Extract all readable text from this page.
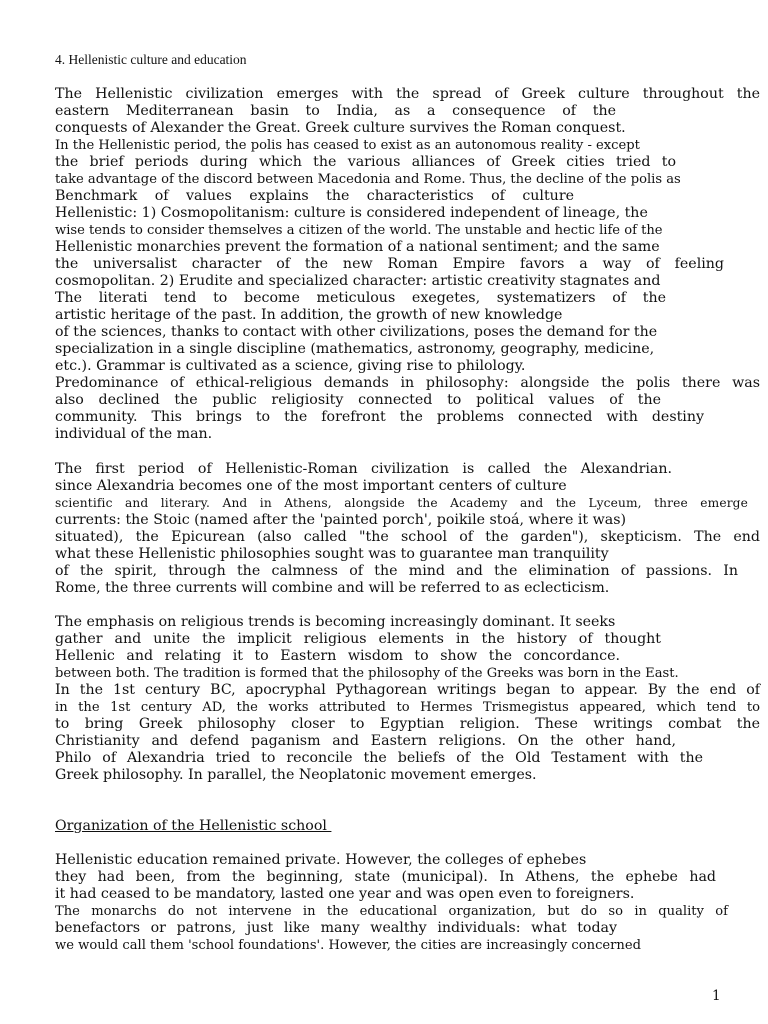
4. Hellenistic culture and education
The Hellenistic civilization emerges with the spread of Greek culture throughout the
eastern Mediterranean basin to India, as a consequence of the
conquests of Alexander the Great. Greek culture survives the Roman conquest.
In the Hellenistic period, the polis has ceased to exist as an autonomous reality - except
the brief periods during which the various alliances of Greek cities tried to
take advantage of the discord between Macedonia and Rome. Thus, the decline of the polis as
Benchmark of values explains the characteristics of culture
Hellenistic: 1) Cosmopolitanism: culture is considered independent of lineage, the
wise tends to consider themselves a citizen of the world. The unstable and hectic life of the
Hellenistic monarchies prevent the formation of a national sentiment; and the same
the universalist character of the new Roman Empire favors a way of feeling
cosmopolitan. 2) Erudite and specialized character: artistic creativity stagnates and
The literati tend to become meticulous exegetes, systematizers of the
artistic heritage of the past. In addition, the growth of new knowledge
of the sciences, thanks to contact with other civilizations, poses the demand for the
specialization in a single discipline (mathematics, astronomy, geography, medicine,
etc.). Grammar is cultivated as a science, giving rise to philology.
Predominance of ethical-religious demands in philosophy: alongside the polis there was
also declined the public religiosity connected to political values of the
community. This brings to the forefront the problems connected with destiny
individual of the man.
The first period of Hellenistic-Roman civilization is called the Alexandrian.
since Alexandria becomes one of the most important centers of culture
scientific and literary. And in Athens, alongside the Academy and the Lyceum, three emerge
currents: the Stoic (named after the 'painted porch', poikile stoá, where it was)
situated), the Epicurean (also called "the school of the garden"), skepticism. The end
what these Hellenistic philosophies sought was to guarantee man tranquility
of the spirit, through the calmness of the mind and the elimination of passions. In
Rome, the three currents will combine and will be referred to as eclecticism.
The emphasis on religious trends is becoming increasingly dominant. It seeks
gather and unite the implicit religious elements in the history of thought
Hellenic and relating it to Eastern wisdom to show the concordance.
between both. The tradition is formed that the philosophy of the Greeks was born in the East.
In the 1st century BC, apocryphal Pythagorean writings began to appear. By the end of
in the 1st century AD, the works attributed to Hermes Trismegistus appeared, which tend to
to bring Greek philosophy closer to Egyptian religion. These writings combat the
Christianity and defend paganism and Eastern religions. On the other hand,
Philo of Alexandria tried to reconcile the beliefs of the Old Testament with the
Greek philosophy. In parallel, the Neoplatonic movement emerges.
Organization of the Hellenistic school
Hellenistic education remained private. However, the colleges of ephebes
they had been, from the beginning, state (municipal). In Athens, the ephebe had
it had ceased to be mandatory, lasted one year and was open even to foreigners.
The monarchs do not intervene in the educational organization, but do so in quality of
benefactors or patrons, just like many wealthy individuals: what today
we would call them 'school foundations'. However, the cities are increasingly concerned
1
